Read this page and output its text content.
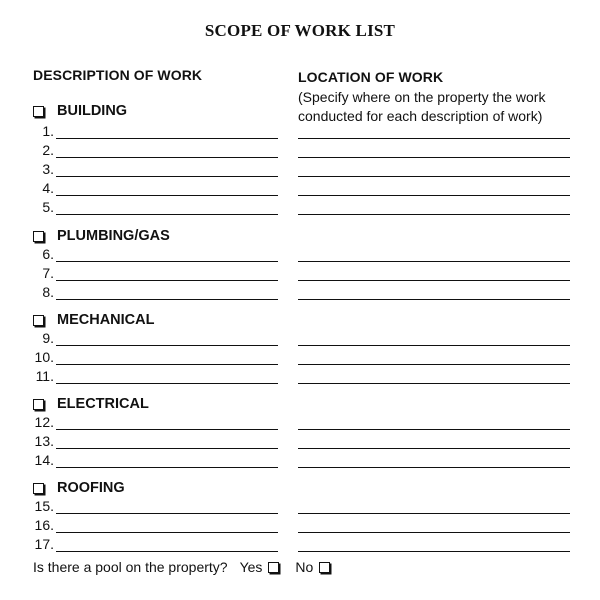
SCOPE OF WORK LIST
DESCRIPTION OF WORK	LOCATION OF WORK
(Specify where on the property the work
conducted for each description of work)
BUILDING
1.
2.
3.
4.
5.
PLUMBING/GAS
6.
7.
8.
MECHANICAL
9.
10.
11.
ELECTRICAL
12.
13.
14.
ROOFING
15.
16.
17.
Is there a pool on the property? Yes No
